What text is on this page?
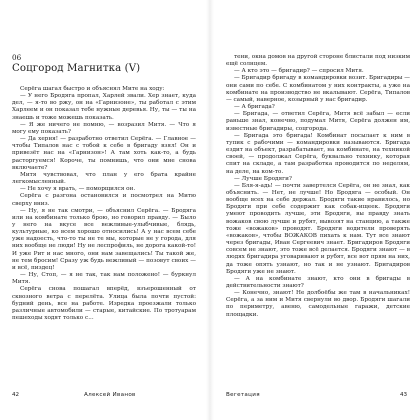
06
Соцгород Магнитка (V)

Серёга шагал быстро и объяснял Мите на ходу:

— У него Бродяга пропал, Харлей звали. Хер знает, куда дел, — я-то во ржу, он на «Гарнизоне», ты работал с этим Харлеем и он показал тебе нужные деревья. Ну, ты — ты на знаешь и тоже можешь показать.

— Я же ничего не помню, — возразил Митя. — Что я могу ему показать?

— Да херня! — разработно ответил Серёга. — Главное — чтобы Типалов нас с тобой к себе в бригаду взял! Он и привезёт нас на «Гарнизон»! А там хоть как-то, а будь расторгуемся! Короче, ты помнишь, что они мне снова включаете?

Митя чувствовал, что план у его брата крайне легкомысленный.

— Не хочу я врать, — поморщился он.

Серёга с разгона остановился и посмотрел на Митю сверху вниз.

— Ну, я не так смотри, — объяснил Серёга. — Бродяга или на комбинате только брою, но говорил правду. — Было у него на вкусе все вежливые-улыбчивые, блядь, культурные, ко всем хорошо относились! А у нас всем себе уже надоесть, что-то ты не те мы, которые не у города, для них вообще не люди! Ну не леспрофиль, не дорога какой-то! И уже Рит и нас много, они нам завещались! Ты такой же, не тем бросим! Сразу уж будь вежливый — позовут своих — и всё, пиздец!

— Ну, Стоп, — я не так, так нам положено! — буркнул Митя.

Серёга снова пошагал вперёд, взъерошенный от сквозного ветра с перелёта. Улица была почти пустой: будний день, все на работе. Изредка проезжали только различные автомобили — старые, китайские. По тротуарам пешеходы ходят только с...

42	Алексей Иванов

тени, окна домов на другой стороне блистали под низким ещё солнцем.

— А кто это — бригадир? — спросил Митя.

— Бригадир бригаду в командировки возит. Бригадиры — они сами по себе. С комбинатом у них контракты, а уже на комбинате на производство не вкалывают. Серёга, Типалов — самый, наверное, козырный у нас бригадир.

— А бригада?

— Бригада, — ответил Серёга, Митя всё забыл — если раньше знал, конечно, подумал Митя, Серёга должен им, известные бригадиры, соцгорода.

— Бригада это бригада! Комбинат посылает к ним в тупик с рабочими — командировки называются. Бригада ездит на объект, разрабатывает, на комбинате, на техникой своей, — продолжал Серёга, буквально технику, которая спит на складе, а там разработка проводится по неделям, на деле, на ком-то.

— Лучше Бродяги?

— Бля-я-адь! — почти завертелся Серёга, он не знал, как объяснить. — Нет, не лучше! Но Бродяга — особый. Он вообще всех на себе держал. Бродяги такие нравилось, но Бродяги при себе содержит как собак-ищеек. Бродяги умеют проводить лучше, эти Бродяги, вы правду знать вожаков свою лучше и рубят, вывозят на станцию, а также тоже «вожаков» проводят. Бродяги водители проверять «вожаков», чтобы ВОЖАКОВ пихать к нам. Тут все знают через бригады, Иван Сергеевич знает. Бригадиров Бродяги совсем не знают, это тоже всё делается. Бродяги знают — в людях бригадира уговаривают и рубят, все вот прям на них, да тоже опять узнают, но так и не узнают. Бригадиров Бродяги уже не знают.

— А на комбинате знают, кто они в бригады в действительности знают?

— Конечно, знают! Не долбоёбы же там в начальниках! Серёга, а за ним и Митя свернули во двор. Бродяги шагали по периметру, авеню, самодельные гаражи, детские площадки.

Вегетация	43
